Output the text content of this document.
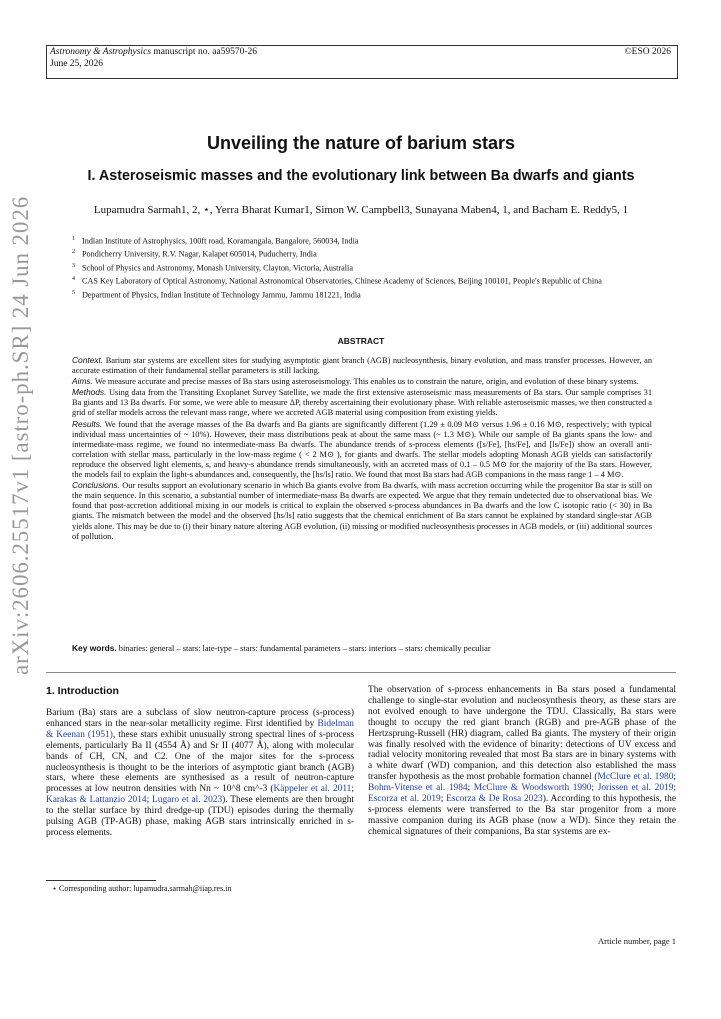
Astronomy & Astrophysics manuscript no. aa59570-26
June 25, 2026
©ESO 2026
arXiv:2606.25517v1 [astro-ph.SR] 24 Jun 2026
Unveiling the nature of barium stars
I. Asteroseismic masses and the evolutionary link between Ba dwarfs and giants
Lupamudra Sarmah1, 2, ⋆, Yerra Bharat Kumar1, Simon W. Campbell3, Sunayana Maben4, 1, and Bacham E. Reddy5, 1
$^1$ Indian Institute of Astrophysics, 100ft road, Koramangala, Bangalore, 560034, India
$^2$ Pondicherry University, R.V. Nagar, Kalapet 605014, Puducherry, India
$^3$ School of Physics and Astronomy, Monash University, Clayton, Victoria, Australia
$^4$ CAS Key Laboratory of Optical Astronomy, National Astronomical Observatories, Chinese Academy of Sciences, Beijing 100101, People's Republic of China
$^5$ Department of Physics, Indian Institute of Technology Jammu, Jammu 181221, India
ABSTRACT

Context. Barium star systems are excellent sites for studying asymptotic giant branch (AGB) nucleosynthesis, binary evolution, and mass transfer processes. However, an accurate estimation of their fundamental stellar parameters is still lacking.

Aims. We measure accurate and precise masses of Ba stars using asteroseismology. This enables us to constrain the nature, origin, and evolution of these binary systems.

Methods. Using data from the Transiting Exoplanet Survey Satellite, we made the first extensive asteroseismic mass measurements of Ba stars. Our sample comprises 31 Ba giants and 13 Ba dwarfs. For some, we were able to measure ΔP, thereby ascertaining their evolutionary phase. With reliable asteroseismic masses, we then constructed a grid of stellar models across the relevant mass range, where we accreted AGB material using composition from existing yields.

Results. We found that the average masses of the Ba dwarfs and Ba giants are significantly different (1.29 ± 0.09 M⊙ versus 1.96 ± 0.16 M⊙, respectively; with typical individual mass uncertainties of ~ 10%). However, their mass distributions peak at about the same mass (~ 1.3 M⊙). While our sample of Ba giants spans the low- and intermediate-mass regime, we found no intermediate-mass Ba dwarfs. The abundance trends of s-process elements ([s/Fe], [hs/Fe], and [ls/Fe]) show an overall anti-correlation with stellar mass, particularly in the low-mass regime ( < 2 M⊙ ), for giants and dwarfs. The stellar models adopting Monash AGB yields can satisfactorily reproduce the observed light elements, s, and heavy-s abundance trends simultaneously, with an accreted mass of 0.1 – 0.5 M⊙ for the majority of the Ba stars. However, the models fail to explain the light-s abundances and, consequently, the [hs/ls] ratio. We found that most Ba stars had AGB companions in the mass range 1 – 4 M⊙.

Conclusions. Our results support an evolutionary scenario in which Ba giants evolve from Ba dwarfs, with mass accretion occurring while the progenitor Ba star is still on the main sequence. In this scenario, a substantial number of intermediate-mass Ba dwarfs are expected. We argue that they remain undetected due to observational bias. We found that post-accretion additional mixing in our models is critical to explain the observed s-process abundances in Ba dwarfs and the low C isotopic ratio (< 30) in Ba giants. The mismatch between the model and the observed [hs/ls] ratio suggests that the chemical enrichment of Ba stars cannot be explained by standard single-star AGB yields alone. This may be due to (i) their binary nature altering AGB evolution, (ii) missing or modified nucleosynthesis processes in AGB models, or (iii) additional sources of pollution.

Key words. binaries: general – stars: late-type – stars: fundamental parameters – stars: interiors – stars: chemically peculiar
1. Introduction
Barium (Ba) stars are a subclass of slow neutron-capture process (s-process) enhanced stars in the near-solar metallicity regime. First identified by Bidelman & Keenan (1951), these stars exhibit unusually strong spectral lines of s-process elements, particularly Ba II (4554 Å) and Sr II (4077 Å), along with molecular bands of CH, CN, and C2. One of the major sites for the s-process nucleosynthesis is thought to be the interiors of asymptotic giant branch (AGB) stars, where these elements are synthesised as a result of neutron-capture processes at low neutron densities with Nn ~ 10^8 cm^-3 (Käppeler et al. 2011; Karakas & Lattanzio 2014; Lugaro et al. 2023). These elements are then brought to the stellar surface by third dredge-up (TDU) episodes during the thermally pulsing AGB (TP-AGB) phase, making AGB stars intrinsically enriched in s-process elements.
The observation of s-process enhancements in Ba stars posed a fundamental challenge to single-star evolution and nucleosynthesis theory, as these stars are not evolved enough to have undergone the TDU. Classically, Ba stars were thought to occupy the red giant branch (RGB) and pre-AGB phase of the Hertzsprung-Russell (HR) diagram, called Ba giants. The mystery of their origin was finally resolved with the evidence of binarity: detections of UV excess and radial velocity monitoring revealed that most Ba stars are in binary systems with a white dwarf (WD) companion, and this detection also established the mass transfer hypothesis as the most probable formation channel (McClure et al. 1980; Bohm-Vitense et al. 1984; McClure & Woodsworth 1990; Jorissen et al. 2019; Escorza et al. 2019; Escorza & De Rosa 2023). According to this hypothesis, the s-process elements were transferred to the Ba star progenitor from a more massive companion during its AGB phase (now a WD). Since they retain the chemical signatures of their companions, Ba star systems are ex-
⋆ Corresponding author: lupamudra.sarmah@iiap.res.in
Article number, page 1
